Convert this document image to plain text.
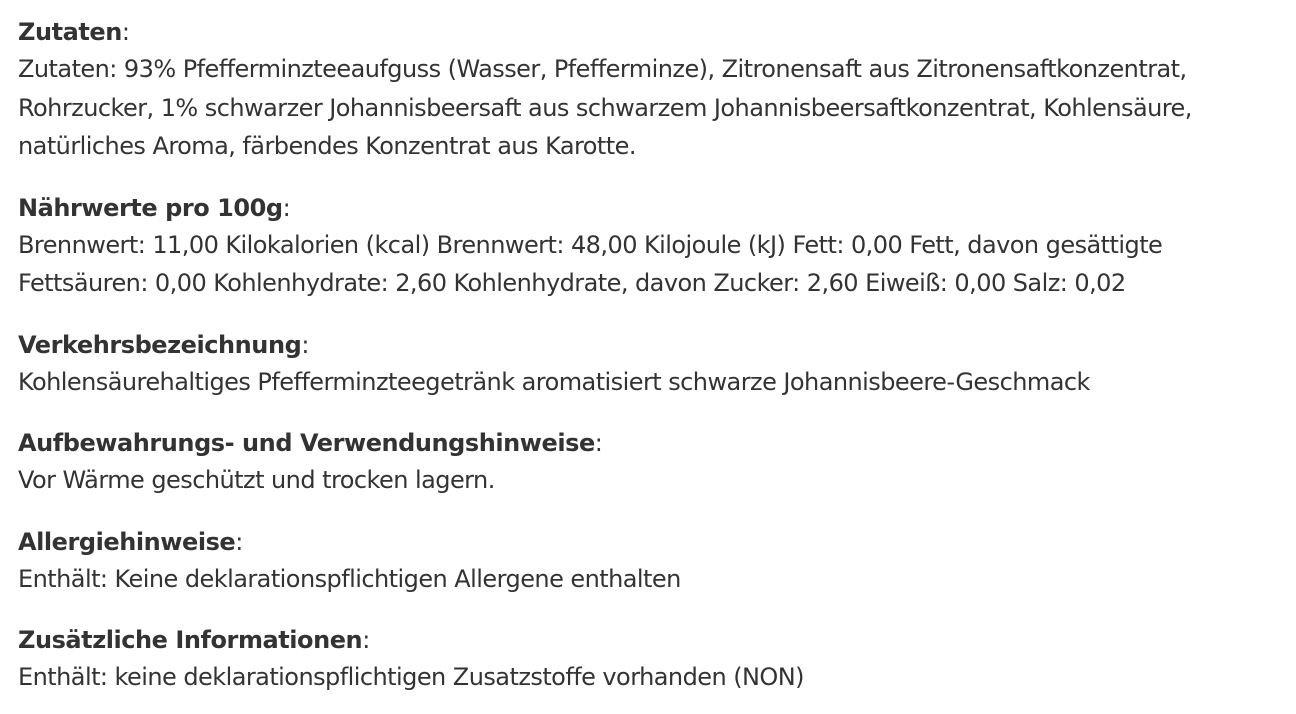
Zutaten:
Zutaten: 93% Pfefferminzteeaufguss (Wasser, Pfefferminze), Zitronensaft aus Zitronensaftkonzentrat,
Rohrzucker, 1% schwarzer Johannisbeersaft aus schwarzem Johannisbeersaftkonzentrat, Kohlensäure,
natürliches Aroma, färbendes Konzentrat aus Karotte.
Nährwerte pro 100g:
Brennwert: 11,00 Kilokalorien (kcal) Brennwert: 48,00 Kilojoule (kJ) Fett: 0,00 Fett, davon gesättigte
Fettsäuren: 0,00 Kohlenhydrate: 2,60 Kohlenhydrate, davon Zucker: 2,60 Eiweiß: 0,00 Salz: 0,02
Verkehrsbezeichnung:
Kohlensäurehaltiges Pfefferminzteegetränk aromatisiert schwarze Johannisbeere-Geschmack
Aufbewahrungs- und Verwendungshinweise:
Vor Wärme geschützt und trocken lagern.
Allergiehinweise:
Enthält: Keine deklarationspflichtigen Allergene enthalten
Zusätzliche Informationen:
Enthält: keine deklarationspflichtigen Zusatzstoffe vorhanden (NON)
